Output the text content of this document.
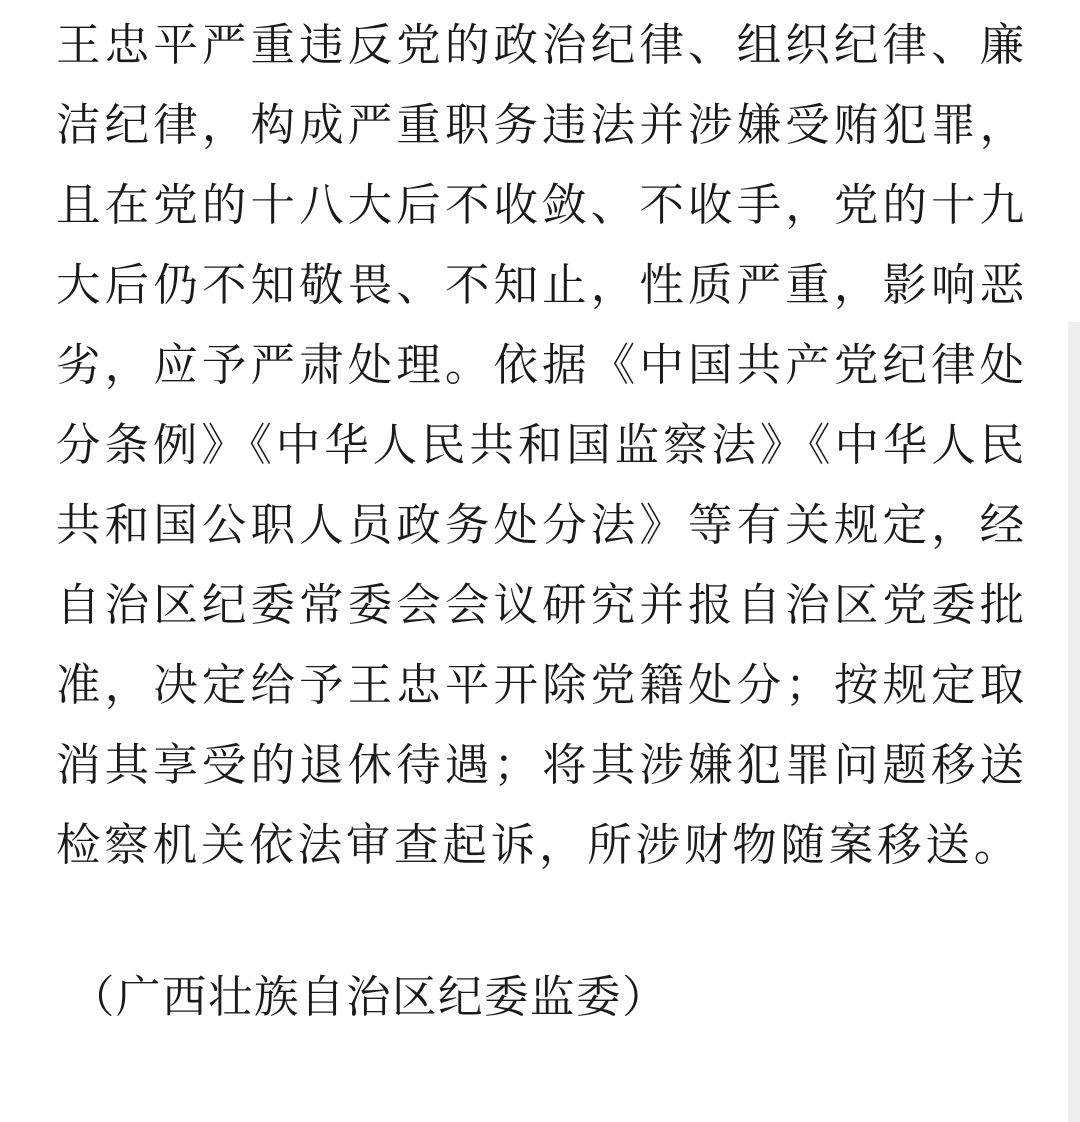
王忠平严重违反党的政治纪律、组织纪律、廉洁纪律，构成严重职务违法并涉嫌受贿犯罪，且在党的十八大后不收敛、不收手，党的十九大后仍不知敬畏、不知止，性质严重，影响恶劣，应予严肃处理。依据《中国共产党纪律处分条例》《中华人民共和国监察法》《中华人民共和国公职人员政务处分法》等有关规定，经自治区纪委常委会会议研究并报自治区党委批准，决定给予王忠平开除党籍处分；按规定取消其享受的退休待遇；将其涉嫌犯罪问题移送检察机关依法审查起诉，所涉财物随案移送。

（广西壮族自治区纪委监委）
